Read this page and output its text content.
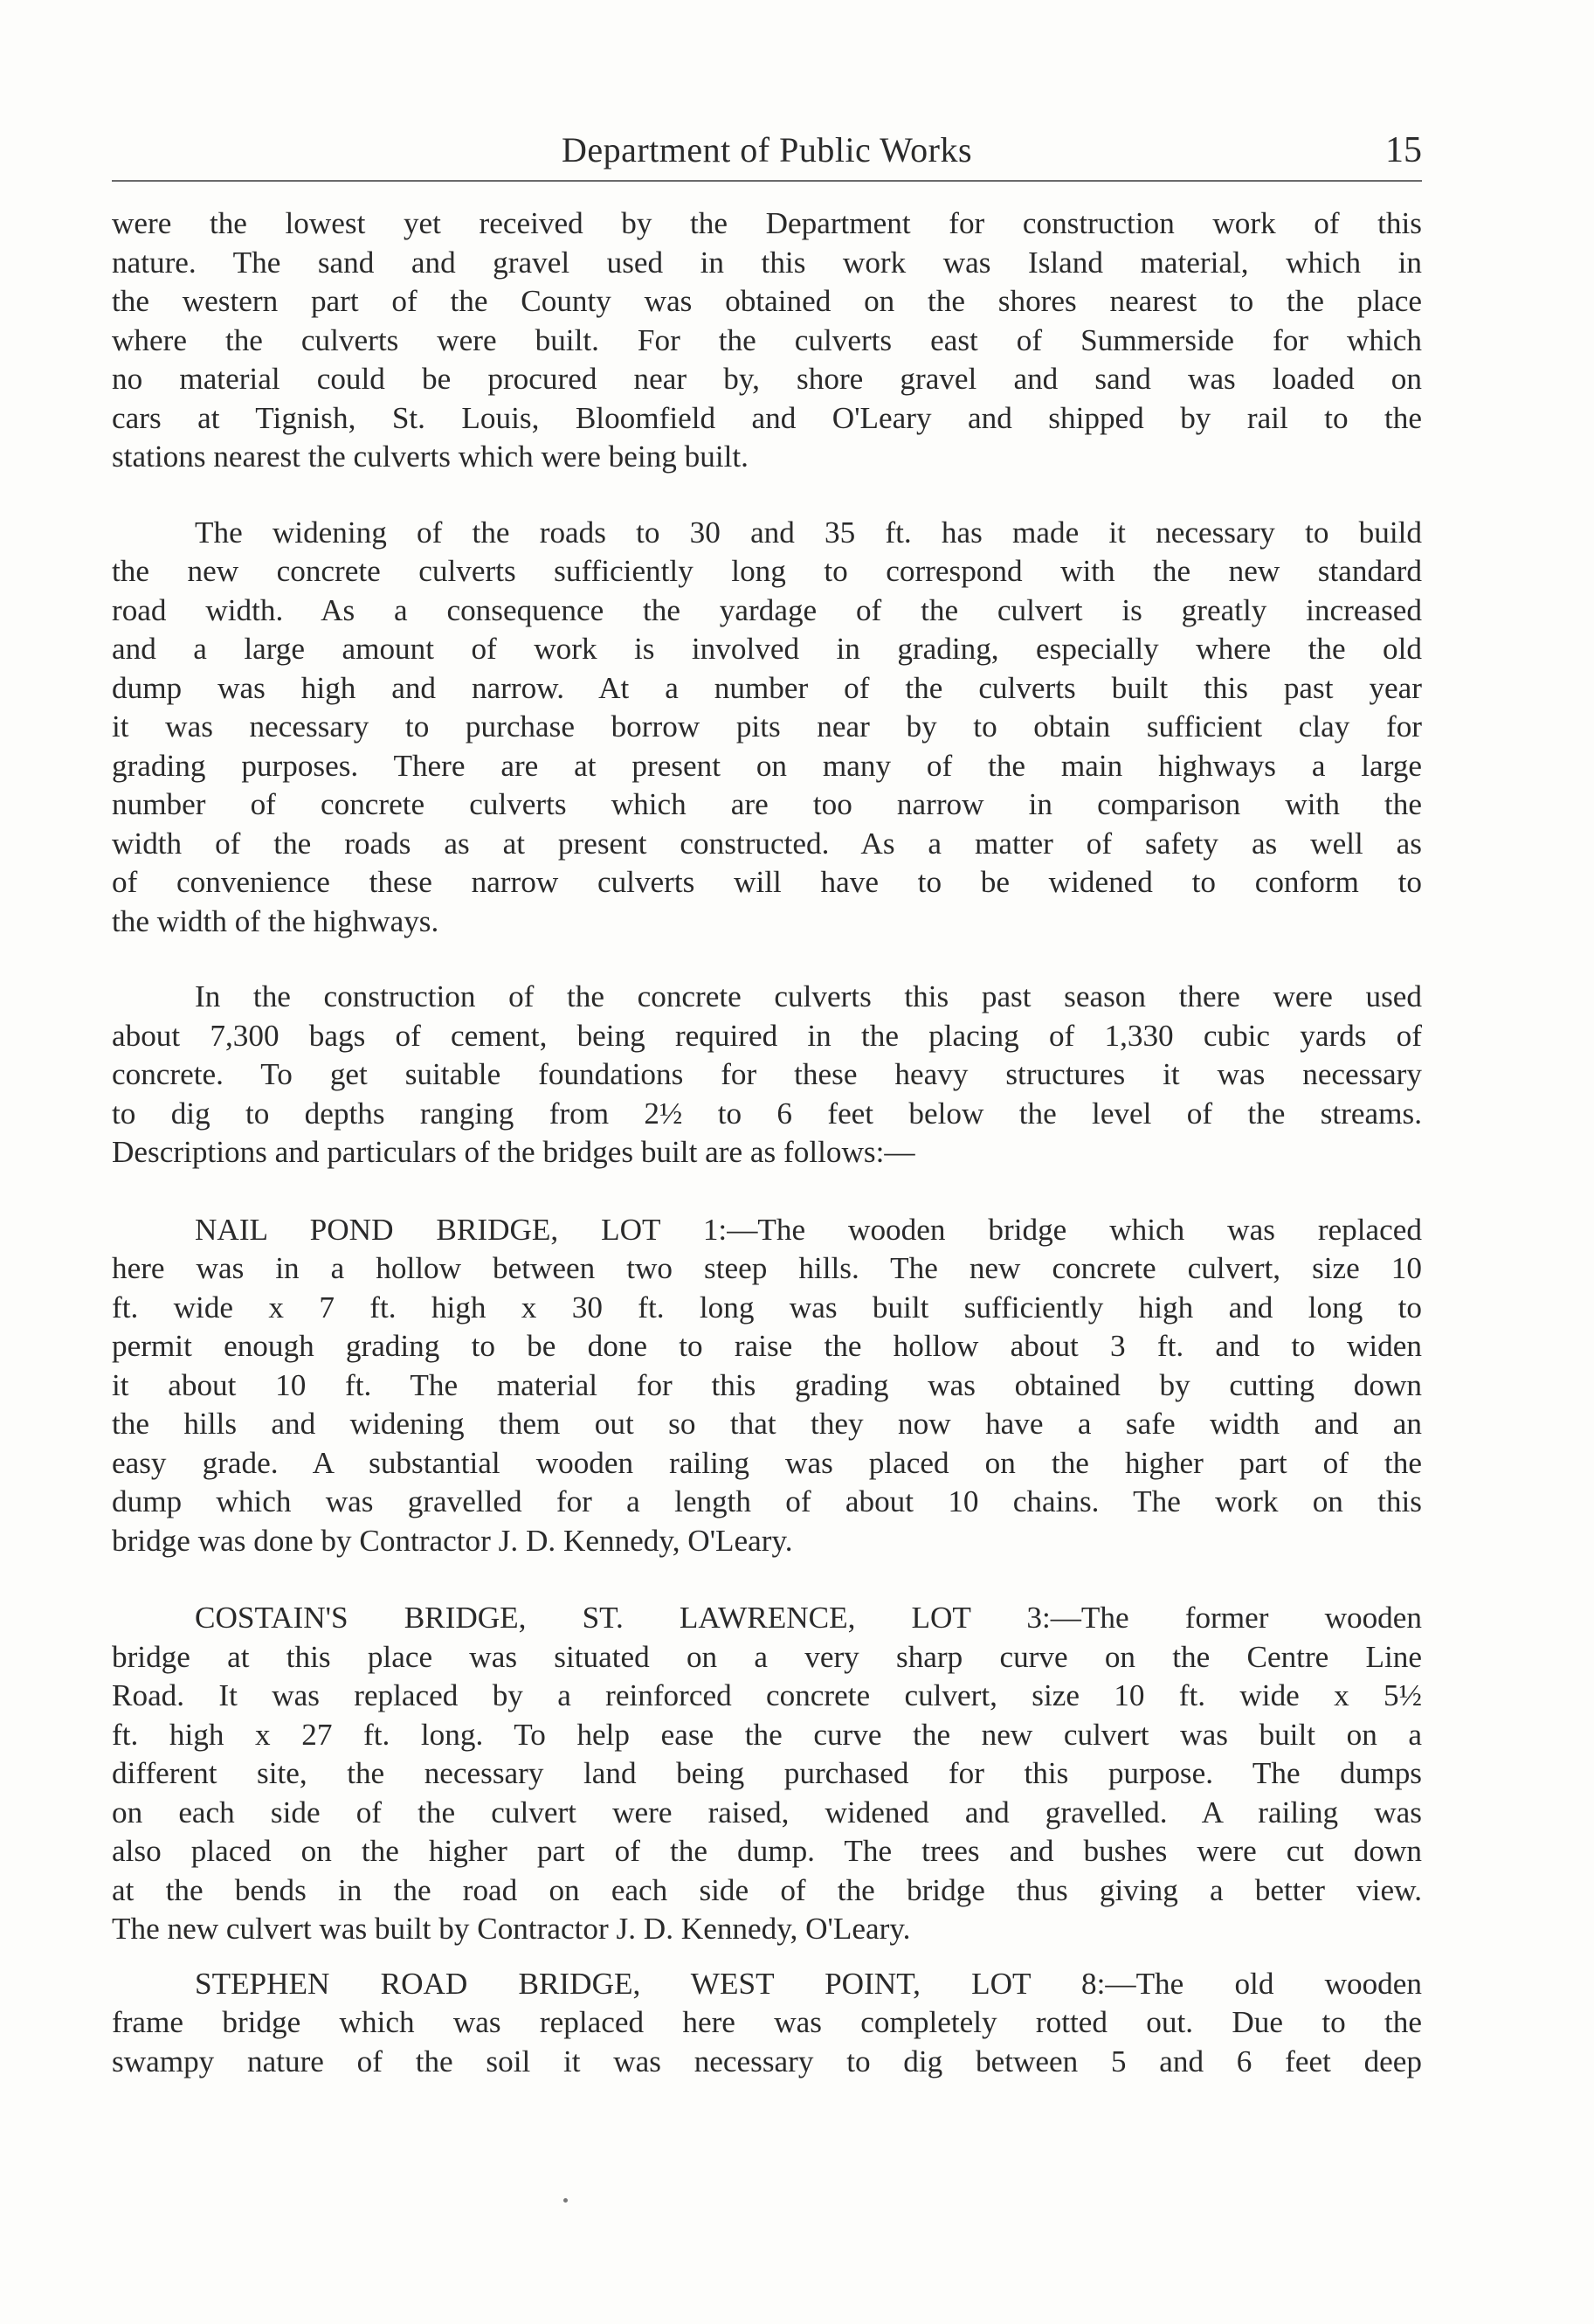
Department of Public Works	15

were the lowest yet received by the Department for construction work of this
nature. The sand and gravel used in this work was Island material, which in
the western part of the County was obtained on the shores nearest to the place
where the culverts were built. For the culverts east of Summerside for which
no material could be procured near by, shore gravel and sand was loaded on
cars at Tignish, St. Louis, Bloomfield and O'Leary and shipped by rail to the
stations nearest the culverts which were being built.

The widening of the roads to 30 and 35 ft. has made it necessary to build
the new concrete culverts sufficiently long to correspond with the new standard
road width. As a consequence the yardage of the culvert is greatly increased
and a large amount of work is involved in grading, especially where the old
dump was high and narrow. At a number of the culverts built this past year
it was necessary to purchase borrow pits near by to obtain sufficient clay for
grading purposes. There are at present on many of the main highways a large
number of concrete culverts which are too narrow in comparison with the
width of the roads as at present constructed. As a matter of safety as well as
of convenience these narrow culverts will have to be widened to conform to
the width of the highways.

In the construction of the concrete culverts this past season there were used
about 7,300 bags of cement, being required in the placing of 1,330 cubic yards of
concrete. To get suitable foundations for these heavy structures it was necessary
to dig to depths ranging from 2½ to 6 feet below the level of the streams.
Descriptions and particulars of the bridges built are as follows:—

NAIL POND BRIDGE, LOT 1:—The wooden bridge which was replaced
here was in a hollow between two steep hills. The new concrete culvert, size 10
ft. wide x 7 ft. high x 30 ft. long was built sufficiently high and long to
permit enough grading to be done to raise the hollow about 3 ft. and to widen
it about 10 ft. The material for this grading was obtained by cutting down
the hills and widening them out so that they now have a safe width and an
easy grade. A substantial wooden railing was placed on the higher part of the
dump which was gravelled for a length of about 10 chains. The work on this
bridge was done by Contractor J. D. Kennedy, O'Leary.

COSTAIN'S BRIDGE, ST. LAWRENCE, LOT 3:—The former wooden
bridge at this place was situated on a very sharp curve on the Centre Line
Road. It was replaced by a reinforced concrete culvert, size 10 ft. wide x 5½
ft. high x 27 ft. long. To help ease the curve the new culvert was built on a
different site, the necessary land being purchased for this purpose. The dumps
on each side of the culvert were raised, widened and gravelled. A railing was
also placed on the higher part of the dump. The trees and bushes were cut down
at the bends in the road on each side of the bridge thus giving a better view.
The new culvert was built by Contractor J. D. Kennedy, O'Leary.

STEPHEN ROAD BRIDGE, WEST POINT, LOT 8:—The old wooden
frame bridge which was replaced here was completely rotted out. Due to the
swampy nature of the soil it was necessary to dig between 5 and 6 feet deep
